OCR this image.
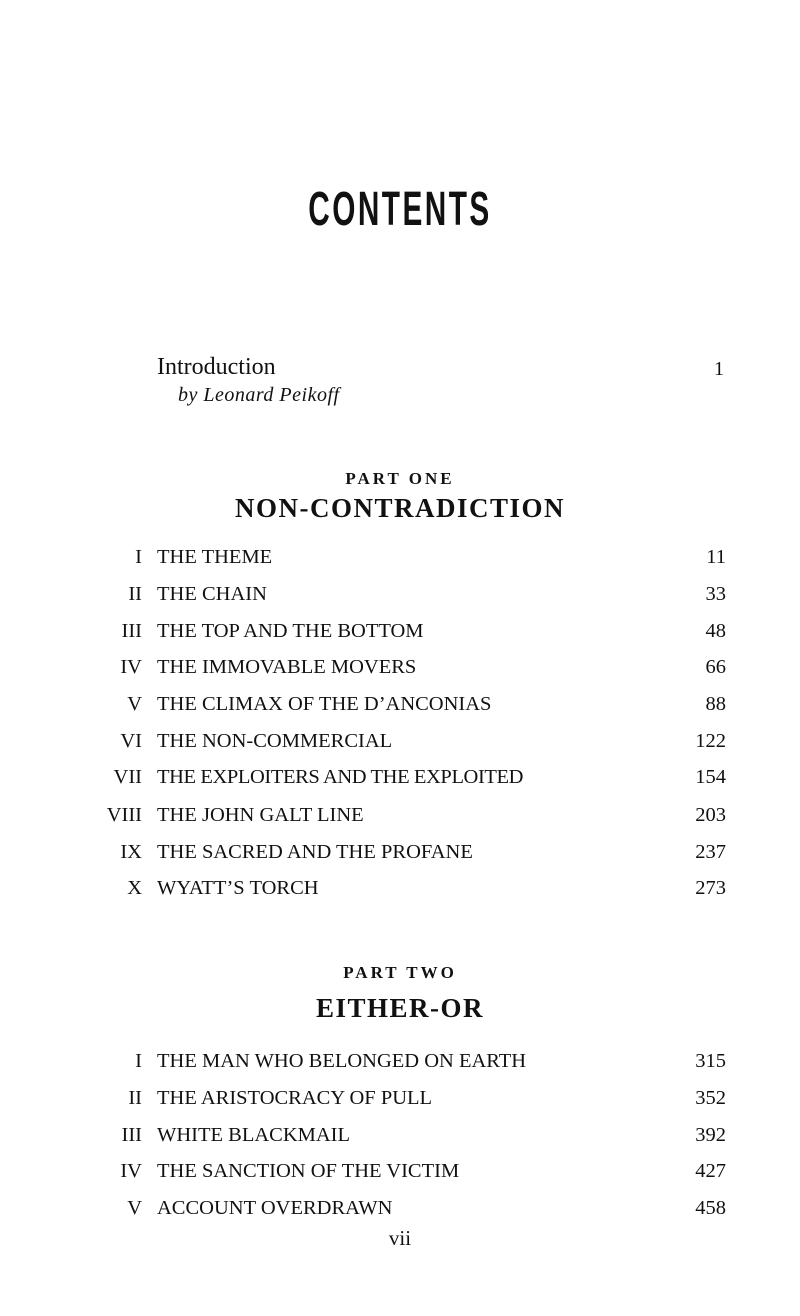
CONTENTS
Introduction	1
by Leonard Peikoff
PART ONE
NON-CONTRADICTION
I THE THEME	11
II THE CHAIN	33
III THE TOP AND THE BOTTOM	48
IV THE IMMOVABLE MOVERS	66
V THE CLIMAX OF THE D’ANCONIAS	88
VI THE NON-COMMERCIAL	122
VII THE EXPLOITERS AND THE EXPLOITED	154
VIII THE JOHN GALT LINE	203
IX THE SACRED AND THE PROFANE	237
X WYATT’S TORCH	273
PART TWO
EITHER-OR
I THE MAN WHO BELONGED ON EARTH	315
II THE ARISTOCRACY OF PULL	352
III WHITE BLACKMAIL	392
IV THE SANCTION OF THE VICTIM	427
V ACCOUNT OVERDRAWN	458
vii
